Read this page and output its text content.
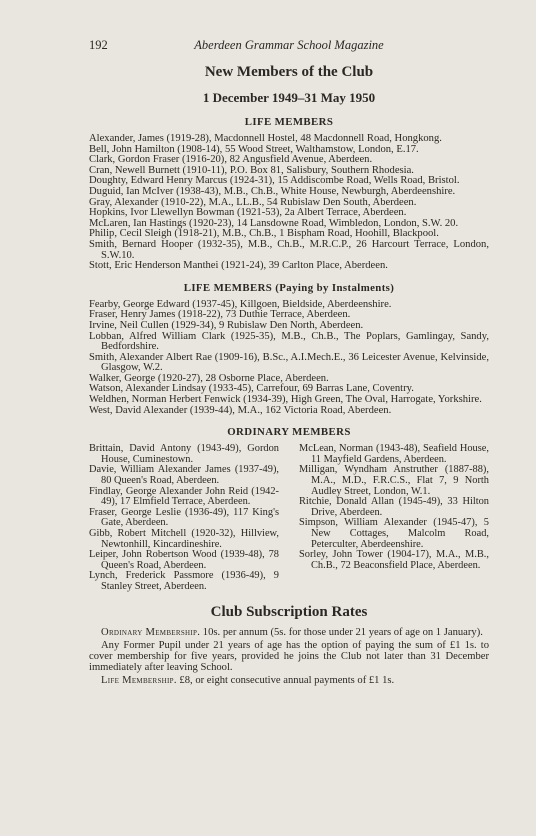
192	Aberdeen Grammar School Magazine
New Members of the Club
1 December 1949–31 May 1950
LIFE MEMBERS
Alexander, James (1919-28), Macdonnell Hostel, 48 Macdonnell Road, Hongkong.
Bell, John Hamilton (1908-14), 55 Wood Street, Walthamstow, London, E.17.
Clark, Gordon Fraser (1916-20), 82 Angusfield Avenue, Aberdeen.
Cran, Newell Burnett (1910-11), P.O. Box 81, Salisbury, Southern Rhodesia.
Doughty, Edward Henry Marcus (1924-31), 15 Addiscombe Road, Wells Road, Bristol.
Duguid, Ian McIver (1938-43), M.B., Ch.B., White House, Newburgh, Aberdeenshire.
Gray, Alexander (1910-22), M.A., LL.B., 54 Rubislaw Den South, Aberdeen.
Hopkins, Ivor Llewellyn Bowman (1921-53), 2a Albert Terrace, Aberdeen.
McLaren, Ian Hastings (1920-23), 14 Lansdowne Road, Wimbledon, London, S.W. 20.
Philip, Cecil Sleigh (1918-21), M.B., Ch.B., 1 Bispham Road, Hoohill, Blackpool.
Smith, Bernard Hooper (1932-35), M.B., Ch.B., M.R.C.P., 26 Harcourt Terrace, London, S.W.10.
Stott, Eric Henderson Manthei (1921-24), 39 Carlton Place, Aberdeen.
LIFE MEMBERS (Paying by Instalments)
Fearby, George Edward (1937-45), Killgoen, Bieldside, Aberdeenshire.
Fraser, Henry James (1918-22), 73 Duthie Terrace, Aberdeen.
Irvine, Neil Cullen (1929-34), 9 Rubislaw Den North, Aberdeen.
Lobban, Alfred William Clark (1925-35), M.B., Ch.B., The Poplars, Gamlingay, Sandy, Bedfordshire.
Smith, Alexander Albert Rae (1909-16), B.Sc., A.I.Mech.E., 36 Leicester Avenue, Kelvinside, Glasgow, W.2.
Walker, George (1920-27), 28 Osborne Place, Aberdeen.
Watson, Alexander Lindsay (1933-45), Carrefour, 69 Barras Lane, Coventry.
Weldhen, Norman Herbert Fenwick (1934-39), High Green, The Oval, Harrogate, Yorkshire.
West, David Alexander (1939-44), M.A., 162 Victoria Road, Aberdeen.
ORDINARY MEMBERS
Brittain, David Antony (1943-49), Gordon House, Cuminestown.
Davie, William Alexander James (1937-49), 80 Queen's Road, Aberdeen.
Findlay, George Alexander John Reid (1942-49), 17 Elmfield Terrace, Aberdeen.
Fraser, George Leslie (1936-49), 117 King's Gate, Aberdeen.
Gibb, Robert Mitchell (1920-32), Hillview, Newtonhill, Kincardineshire.
Leiper, John Robertson Wood (1939-48), 78 Queen's Road, Aberdeen.
Lynch, Frederick Passmore (1936-49), 9 Stanley Street, Aberdeen.
McLean, Norman (1943-48), Seafield House, 11 Mayfield Gardens, Aberdeen.
Milligan, Wyndham Anstruther (1887-88), M.A., M.D., F.R.C.S., Flat 7, 9 North Audley Street, London, W.1.
Ritchie, Donald Allan (1945-49), 33 Hilton Drive, Aberdeen.
Simpson, William Alexander (1945-47), 5 New Cottages, Malcolm Road, Peterculter, Aberdeenshire.
Sorley, John Tower (1904-17), M.A., M.B., Ch.B., 72 Beaconsfield Place, Aberdeen.
Club Subscription Rates

Ordinary Membership. 10s. per annum (5s. for those under 21 years of age on 1 January).

Any Former Pupil under 21 years of age has the option of paying the sum of £1 1s. to cover membership for five years, provided he joins the Club not later than 31 December immediately after leaving School.

Life Membership. £8, or eight consecutive annual payments of £1 1s.
